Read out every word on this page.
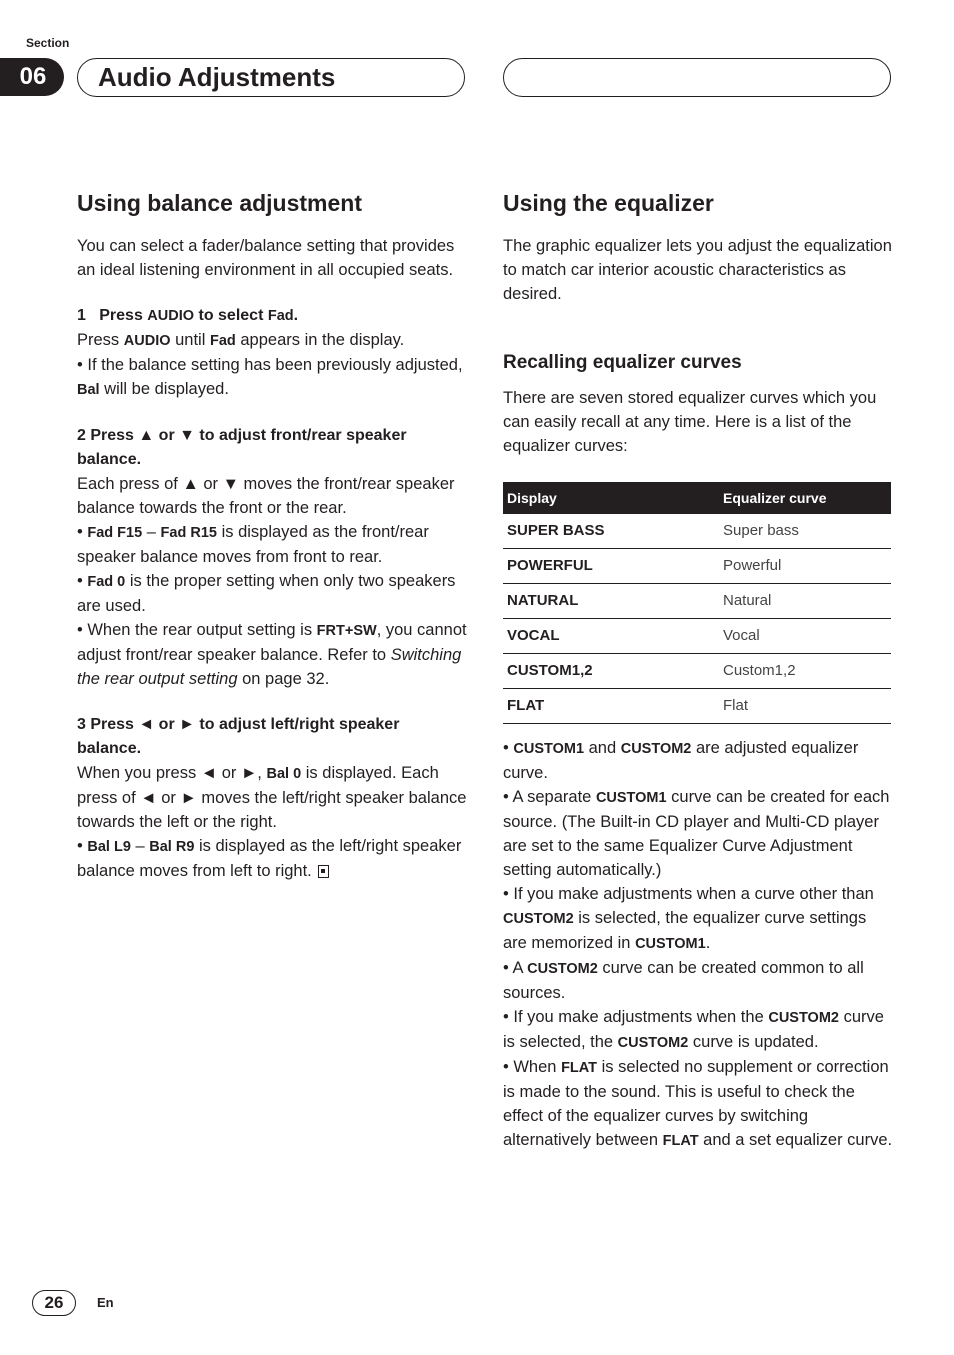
Section
06	Audio Adjustments
Using balance adjustment

You can select a fader/balance setting that provides an ideal listening environment in all occupied seats.

1 Press AUDIO to select Fad.

Press AUDIO until Fad appears in the display.

• If the balance setting has been previously adjusted, Bal will be displayed.

2 Press ▲ or ▼ to adjust front/rear speaker balance.

Each press of ▲ or ▼ moves the front/rear speaker balance towards the front or the rear.

• Fad F15 – Fad R15 is displayed as the front/rear speaker balance moves from front to rear.

• Fad 0 is the proper setting when only two speakers are used.

• When the rear output setting is FRT+SW, you cannot adjust front/rear speaker balance. Refer to Switching the rear output setting on page 32.

3 Press ◄ or ► to adjust left/right speaker balance.

When you press ◄ or ►, Bal 0 is displayed. Each press of ◄ or ► moves the left/right speaker balance towards the left or the right.

• Bal L9 – Bal R9 is displayed as the left/right speaker balance moves from left to right.

Using the equalizer

The graphic equalizer lets you adjust the equalization to match car interior acoustic characteristics as desired.

Recalling equalizer curves

There are seven stored equalizer curves which you can easily recall at any time. Here is a list of the equalizer curves:

Display	Equalizer curve
SUPER BASS	Super bass
POWERFUL	Powerful
NATURAL	Natural
VOCAL	Vocal
CUSTOM1,2	Custom1,2
FLAT	Flat

• CUSTOM1 and CUSTOM2 are adjusted equalizer curve.

• A separate CUSTOM1 curve can be created for each source. (The Built-in CD player and Multi-CD player are set to the same Equalizer Curve Adjustment setting automatically.)

• If you make adjustments when a curve other than CUSTOM2 is selected, the equalizer curve settings are memorized in CUSTOM1.

• A CUSTOM2 curve can be created common to all sources.

• If you make adjustments when the CUSTOM2 curve is selected, the CUSTOM2 curve is updated.

• When FLAT is selected no supplement or correction is made to the sound. This is useful to check the effect of the equalizer curves by switching alternatively between FLAT and a set equalizer curve.

26	En
